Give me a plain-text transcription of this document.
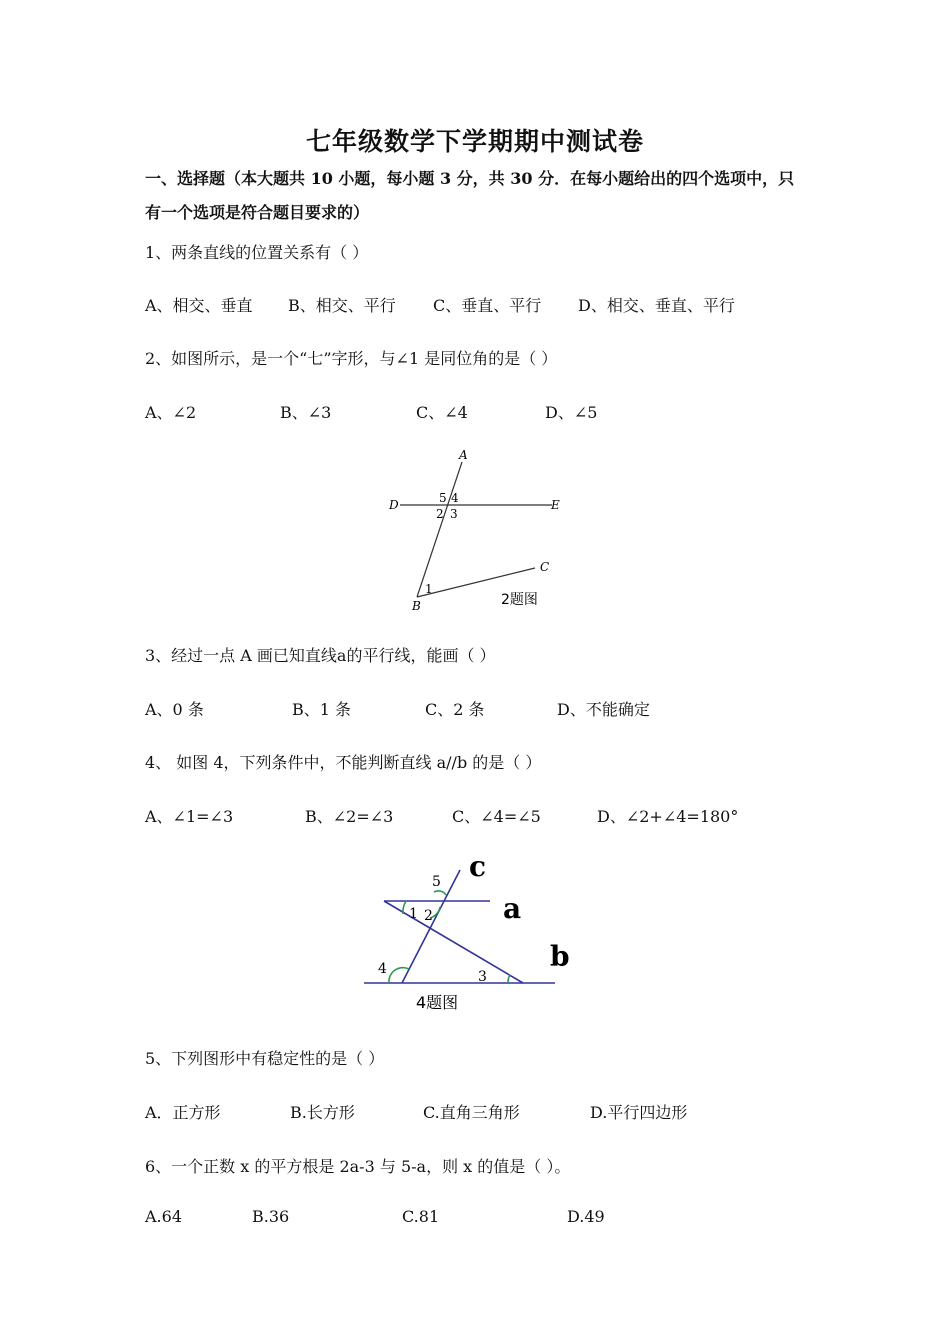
七年级数学下学期期中测试卷
一、选择题（本大题共 10 小题，每小题 3 分，共 30 分．在每小题给出的四个选项中，只
有一个选项是符合题目要求的）
1、两条直线的位置关系有（ ）
A、相交、垂直 B、相交、平行 C、垂直、平行 D、相交、垂直、平行
2、如图所示，是一个“七”字形，与∠1 是同位角的是（ ）
A、∠2	B、∠3	C、∠4	D、∠5
A
D	E
C
B
5 4
2 3
1
2题图
3、经过一点 A 画已知直线a的平行线，能画（ ）
A、0 条	B、1 条	C、2 条	D、不能确定
4、 如图 4，下列条件中，不能判断直线 a//b 的是（ ）
A、∠1=∠3	B、∠2=∠3	C、∠4=∠5	D、∠2+∠4=180°
c
a
b
5
1 2
4	3
4题图
5、下列图形中有稳定性的是（ ）
A．正方形	B.长方形	C.直角三角形	D.平行四边形
6、一个正数 x 的平方根是 2a-3 与 5-a，则 x 的值是（ ）。
A.64	B.36	C.81	D.49
